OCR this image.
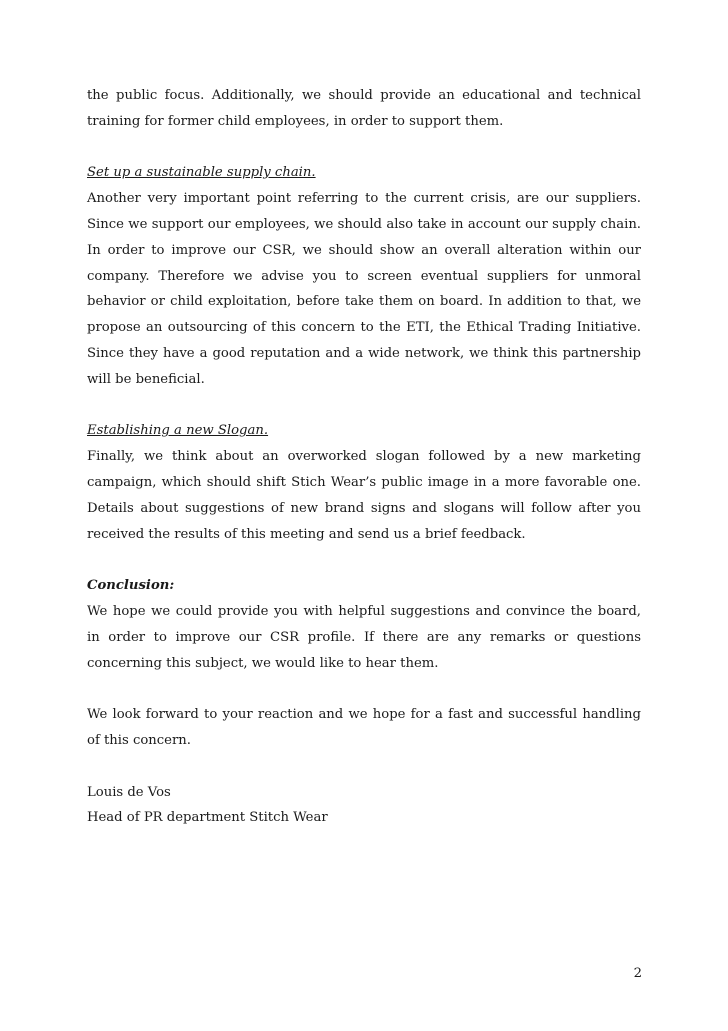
the public focus. Additionally, we should provide an educational and technical training for former child employees, in order to support them.

Set up a sustainable supply chain.

Another very important point referring to the current crisis, are our suppliers. Since we support our employees, we should also take in account our supply chain. In order to improve our CSR, we should show an overall alteration within our company. Therefore we advise you to screen eventual suppliers for unmoral behavior or child exploitation, before take them on board. In addition to that, we propose an outsourcing of this concern to the ETI, the Ethical Trading Initiative. Since they have a good reputation and a wide network, we think this partnership will be beneficial.

Establishing a new Slogan.

Finally, we think about an overworked slogan followed by a new marketing campaign, which should shift Stich Wear’s public image in a more favorable one. Details about suggestions of new brand signs and slogans will follow after you received the results of this meeting and send us a brief feedback.

Conclusion:

We hope we could provide you with helpful suggestions and convince the board, in order to improve our CSR profile. If there are any remarks or questions concerning this subject, we would like to hear them.

We look forward to your reaction and we hope for a fast and successful handling of this concern.

Louis de Vos

Head of PR department Stitch Wear

2
